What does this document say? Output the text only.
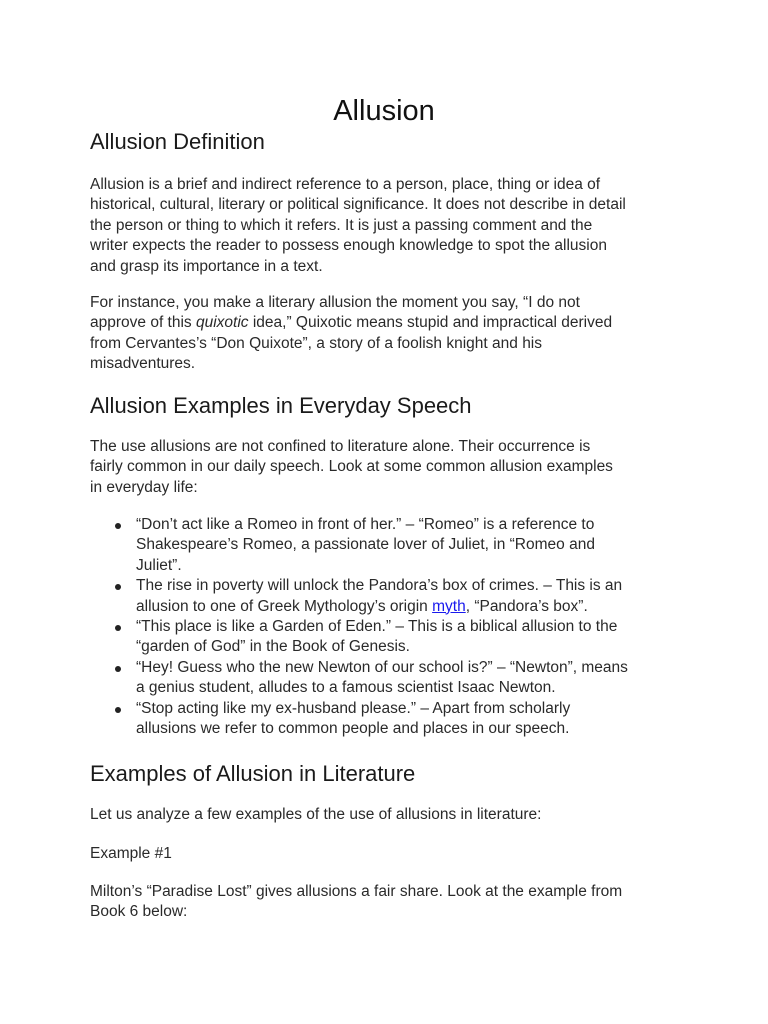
Allusion
Allusion Definition

Allusion is a brief and indirect reference to a person, place, thing or idea of
historical, cultural, literary or political significance. It does not describe in detail
the person or thing to which it refers. It is just a passing comment and the
writer expects the reader to possess enough knowledge to spot the allusion
and grasp its importance in a text.

For instance, you make a literary allusion the moment you say, “I do not
approve of this quixotic idea,” Quixotic means stupid and impractical derived
from Cervantes’s “Don Quixote”, a story of a foolish knight and his
misadventures.

Allusion Examples in Everyday Speech

The use allusions are not confined to literature alone. Their occurrence is
fairly common in our daily speech. Look at some common allusion examples
in everyday life:

“Don’t act like a Romeo in front of her.” – “Romeo” is a reference to
Shakespeare’s Romeo, a passionate lover of Juliet, in “Romeo and
Juliet”.
The rise in poverty will unlock the Pandora’s box of crimes. – This is an
allusion to one of Greek Mythology’s origin myth, “Pandora’s box”.
“This place is like a Garden of Eden.” – This is a biblical allusion to the
“garden of God” in the Book of Genesis.
“Hey! Guess who the new Newton of our school is?” – “Newton”, means
a genius student, alludes to a famous scientist Isaac Newton.
“Stop acting like my ex-husband please.” – Apart from scholarly
allusions we refer to common people and places in our speech.
Examples of Allusion in Literature

Let us analyze a few examples of the use of allusions in literature:

Example #1

Milton’s “Paradise Lost” gives allusions a fair share. Look at the example from
Book 6 below:
